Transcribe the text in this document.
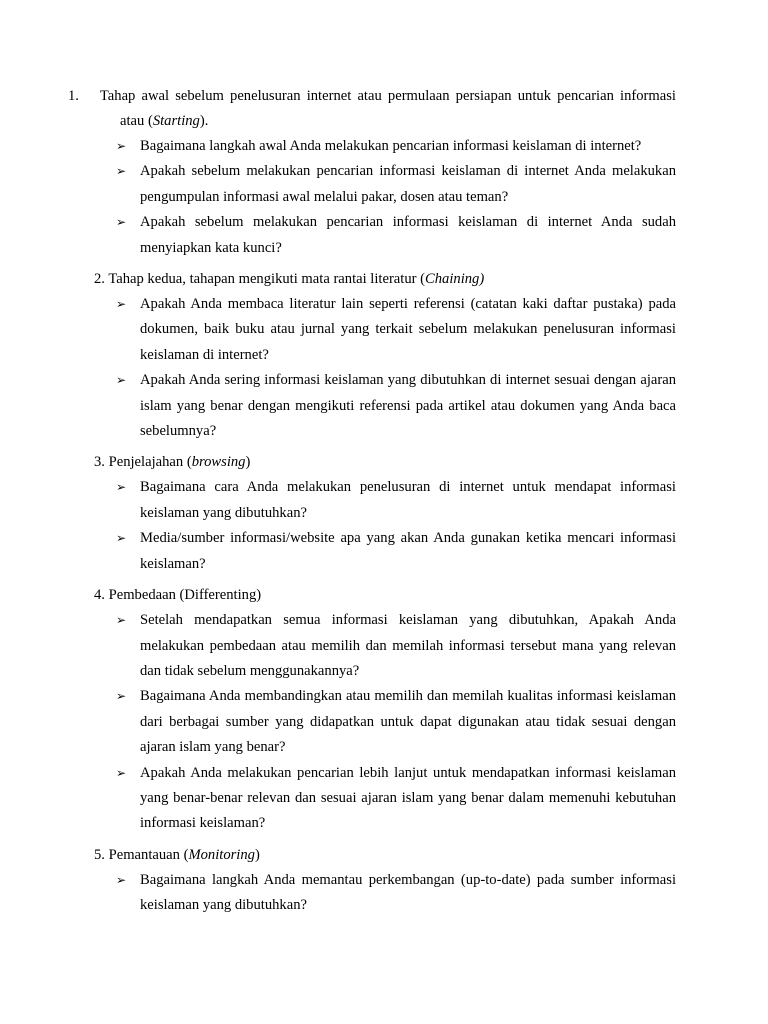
1. Tahap awal sebelum penelusuran internet atau permulaan persiapan untuk pencarian informasi atau (Starting).
➢ Bagaimana langkah awal Anda melakukan pencarian informasi keislaman di internet?
➢ Apakah sebelum melakukan pencarian informasi keislaman di internet Anda melakukan pengumpulan informasi awal melalui pakar, dosen atau teman?
➢ Apakah sebelum melakukan pencarian informasi keislaman di internet Anda sudah menyiapkan kata kunci?
2. Tahap kedua, tahapan mengikuti mata rantai literatur (Chaining)
➢ Apakah Anda membaca literatur lain seperti referensi (catatan kaki daftar pustaka) pada dokumen, baik buku atau jurnal yang terkait sebelum melakukan penelusuran informasi keislaman di internet?
➢ Apakah Anda sering informasi keislaman yang dibutuhkan di internet sesuai dengan ajaran islam yang benar dengan mengikuti referensi pada artikel atau dokumen yang Anda baca sebelumnya?
3. Penjelajahan (browsing)
➢ Bagaimana cara Anda melakukan penelusuran di internet untuk mendapat informasi keislaman yang dibutuhkan?
➢ Media/sumber informasi/website apa yang akan Anda gunakan ketika mencari informasi keislaman?
4. Pembedaan (Differenting)
➢ Setelah mendapatkan semua informasi keislaman yang dibutuhkan, Apakah Anda melakukan pembedaan atau memilih dan memilah informasi tersebut mana yang relevan dan tidak sebelum menggunakannya?
➢ Bagaimana Anda membandingkan atau memilih dan memilah kualitas informasi keislaman dari berbagai sumber yang didapatkan untuk dapat digunakan atau tidak sesuai dengan ajaran islam yang benar?
➢ Apakah Anda melakukan pencarian lebih lanjut untuk mendapatkan informasi keislaman yang benar-benar relevan dan sesuai ajaran islam yang benar dalam memenuhi kebutuhan informasi keislaman?
5. Pemantauan (Monitoring)
➢ Bagaimana langkah Anda memantau perkembangan (up-to-date) pada sumber informasi keislaman yang dibutuhkan?
